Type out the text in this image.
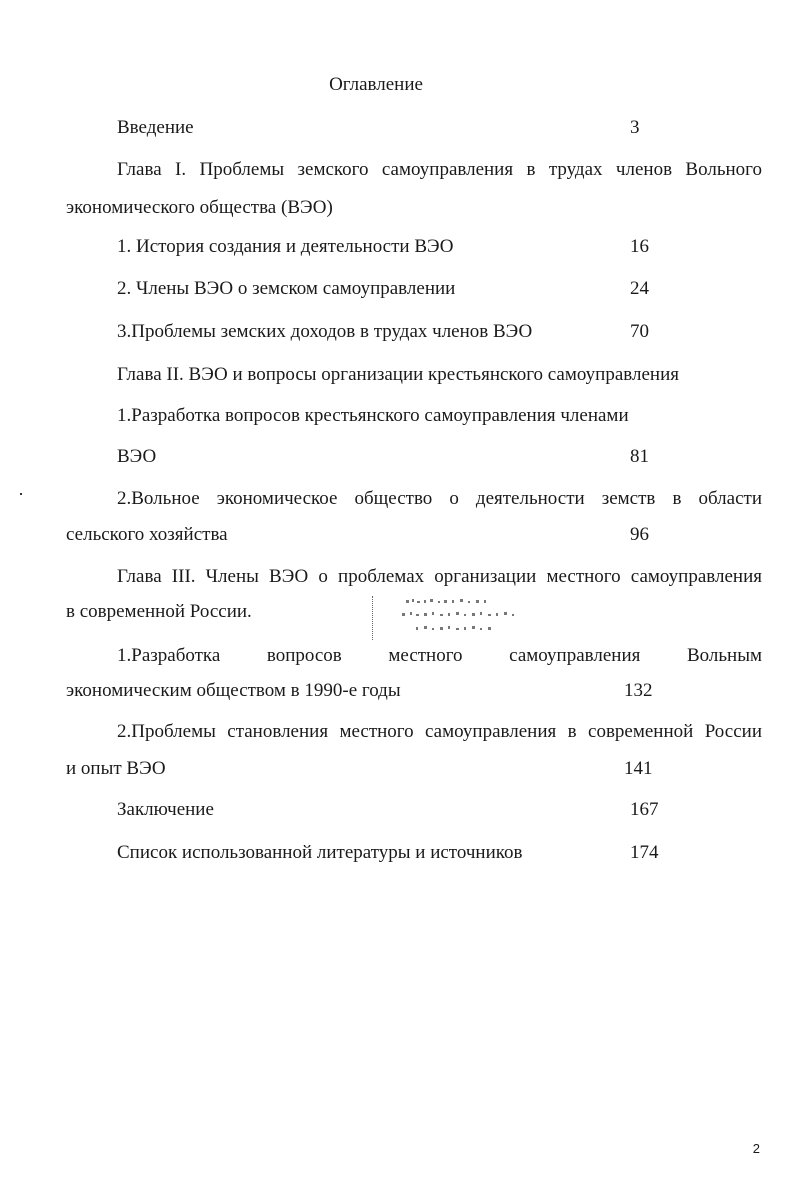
Оглавление
Введение	3
Глава I. Проблемы земского самоуправления в трудах членов Вольного
экономического общества (ВЭО)
1. История создания и деятельности ВЭО	16
2. Члены ВЭО о земском самоуправлении	24
3.Проблемы земских доходов в трудах членов ВЭО	70
Глава II. ВЭО и вопросы организации крестьянского самоуправления
1.Разработка вопросов крестьянского самоуправления членами
ВЭО	81
2.Вольное экономическое общество о деятельности земств в области
сельского хозяйства	96
Глава III. Члены ВЭО о проблемах организации местного самоуправления
в современной России.
1.Разработка вопросов местного самоуправления Вольным
экономическим обществом в 1990-е годы	132
2.Проблемы становления местного самоуправления в современной России
и опыт ВЭО	141
Заключение	167
Список использованной литературы и источников	174
2
